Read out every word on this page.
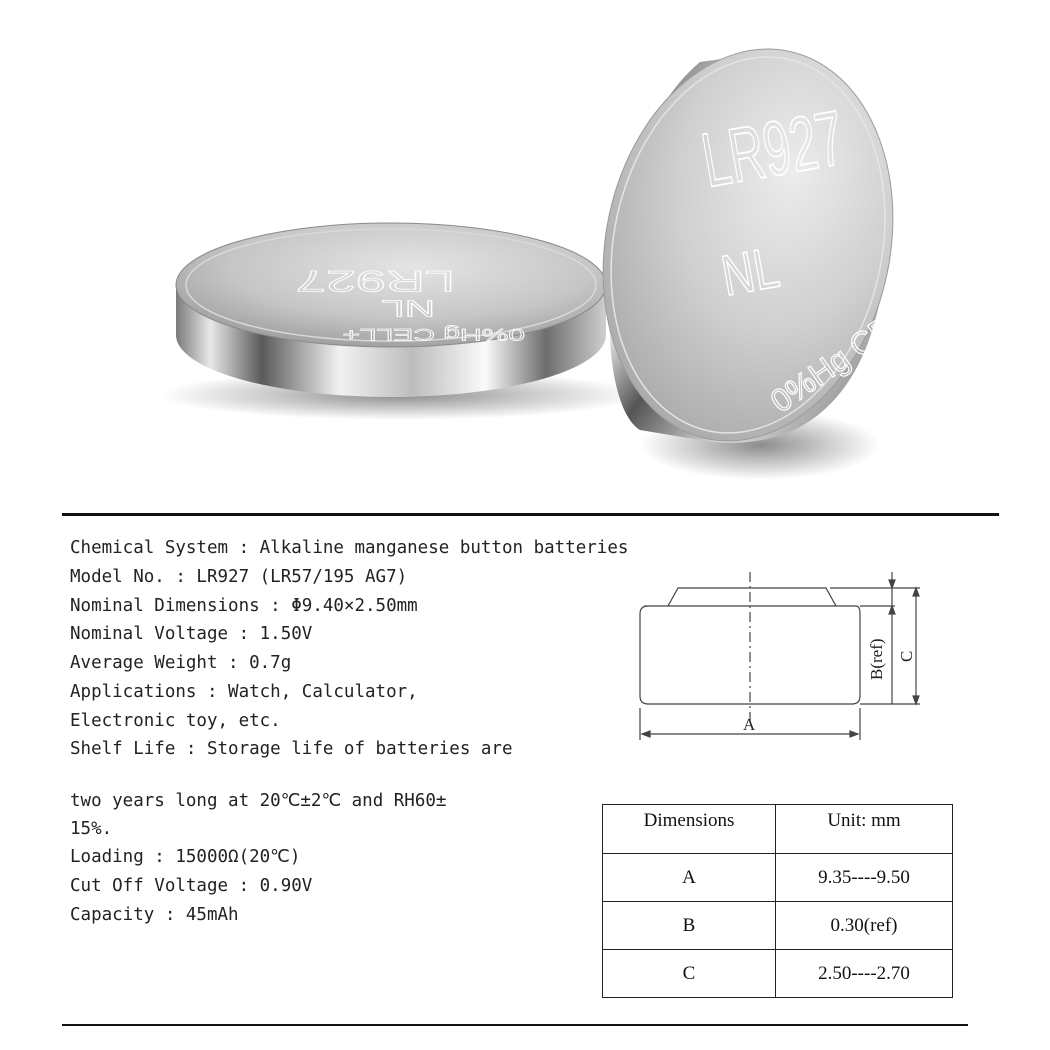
LR927
NL
0%Hg CELL+
LR927
NL
0%Hg CELL+
Chemical System : Alkaline manganese button batteries
Model No. : LR927 (LR57/195 AG7)
Nominal Dimensions : Φ9.40×2.50mm
Nominal Voltage : 1.50V
Average Weight : 0.7g
Applications : Watch, Calculator,
Electronic toy, etc.
Shelf Life : Storage life of batteries are
two years long at 20℃±2℃ and RH60±
15%.
Loading : 15000Ω(20℃)
Cut Off Voltage : 0.90V
Capacity : 45mAh
A
B(ref) C
Dimensions	Unit: mm
A	9.35----9.50
B	0.30(ref)
C	2.50----2.70
